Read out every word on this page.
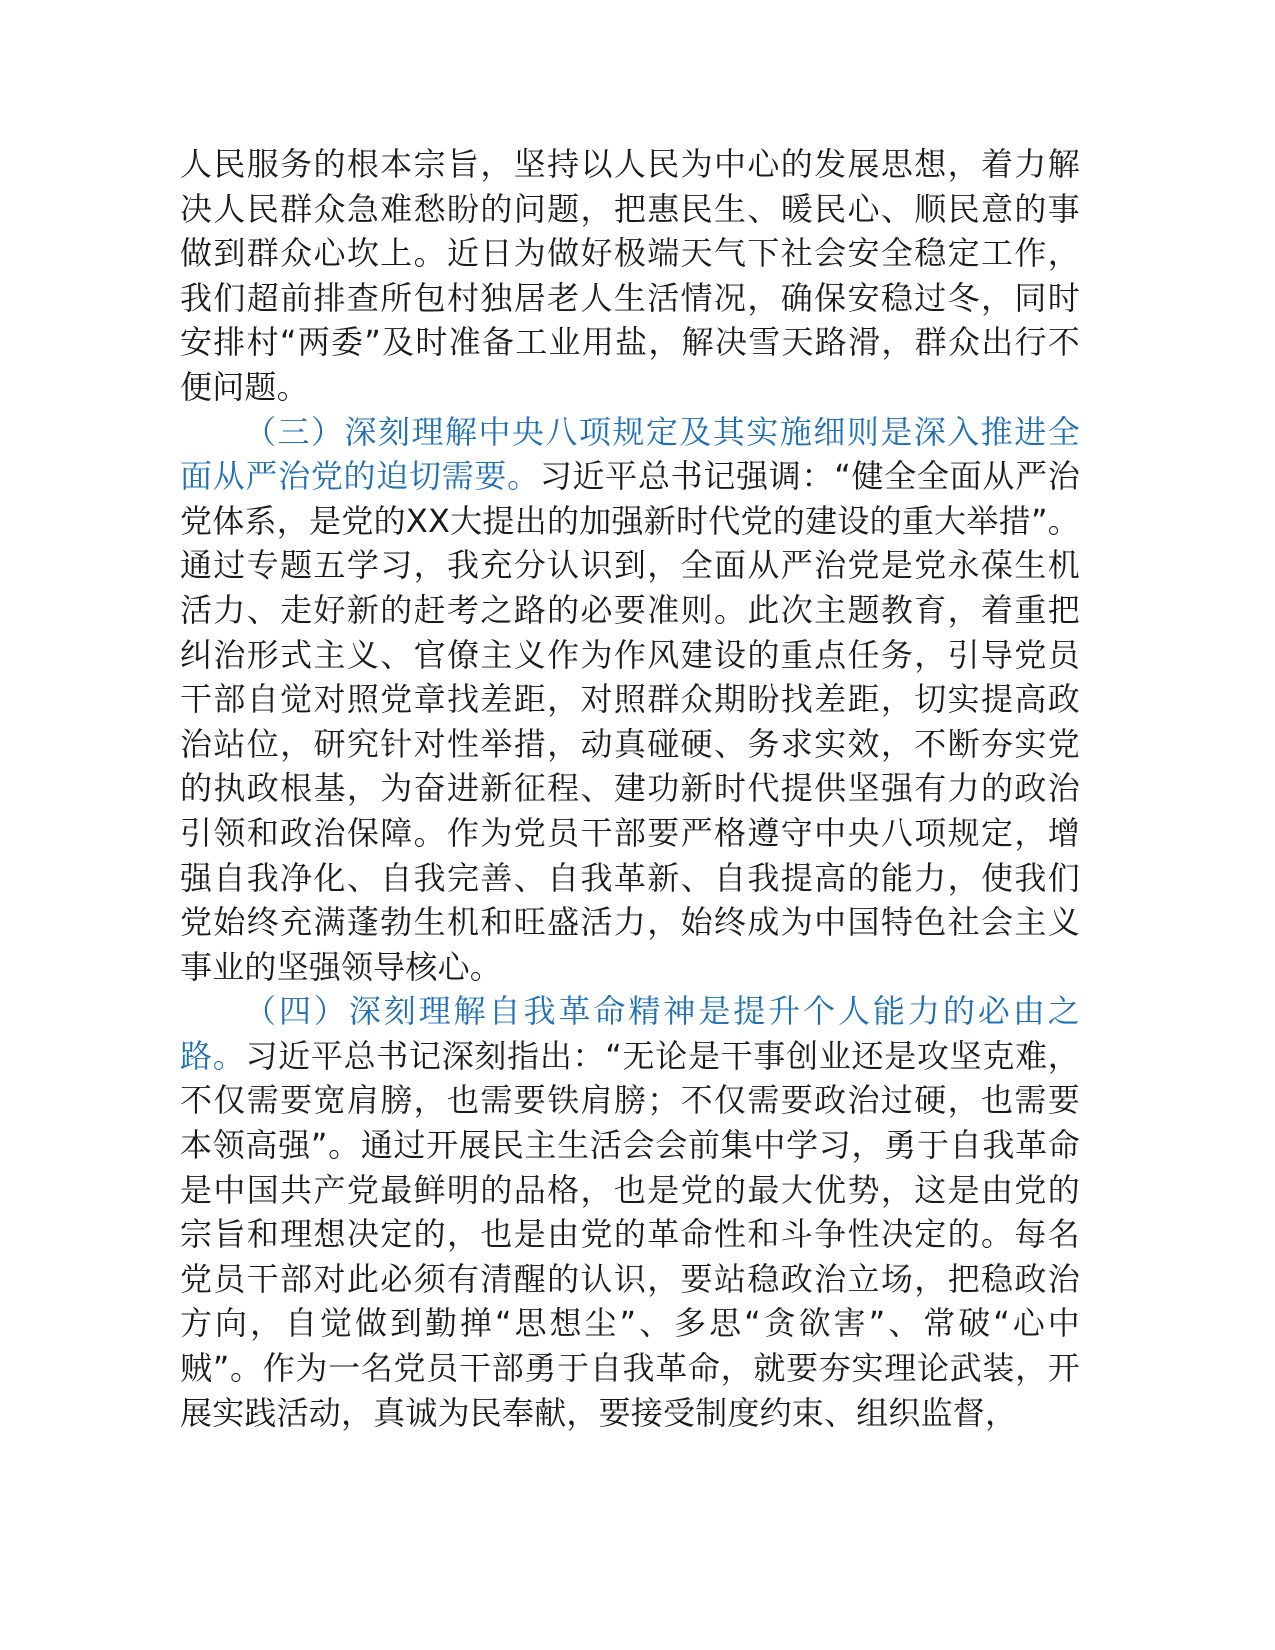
人民服务的根本宗旨，坚持以人民为中心的发展思想，着力解决人民群众急难愁盼的问题，把惠民生、暖民心、顺民意的事做到群众心坎上。近日为做好极端天气下社会安全稳定工作，我们超前排查所包村独居老人生活情况，确保安稳过冬，同时安排村“两委”及时准备工业用盐，解决雪天路滑，群众出行不便问题。

（三）深刻理解中央八项规定及其实施细则是深入推进全面从严治党的迫切需要。习近平总书记强调：“健全全面从严治党体系，是党的XX大提出的加强新时代党的建设的重大举措”。通过专题五学习，我充分认识到，全面从严治党是党永葆生机活力、走好新的赶考之路的必要准则。此次主题教育，着重把纠治形式主义、官僚主义作为作风建设的重点任务，引导党员干部自觉对照党章找差距，对照群众期盼找差距，切实提高政治站位，研究针对性举措，动真碰硬、务求实效，不断夯实党的执政根基，为奋进新征程、建功新时代提供坚强有力的政治引领和政治保障。作为党员干部要严格遵守中央八项规定，增强自我净化、自我完善、自我革新、自我提高的能力，使我们党始终充满蓬勃生机和旺盛活力，始终成为中国特色社会主义事业的坚强领导核心。

（四）深刻理解自我革命精神是提升个人能力的必由之路。习近平总书记深刻指出：“无论是干事创业还是攻坚克难，不仅需要宽肩膀，也需要铁肩膀；不仅需要政治过硬，也需要本领高强”。通过开展民主生活会会前集中学习，勇于自我革命是中国共产党最鲜明的品格，也是党的最大优势，这是由党的宗旨和理想决定的，也是由党的革命性和斗争性决定的。每名党员干部对此必须有清醒的认识，要站稳政治立场，把稳政治方向，自觉做到勤掸“思想尘”、多思“贪欲害”、常破“心中贼”。作为一名党员干部勇于自我革命，就要夯实理论武装，开展实践活动，真诚为民奉献，要接受制度约束、组织监督，
